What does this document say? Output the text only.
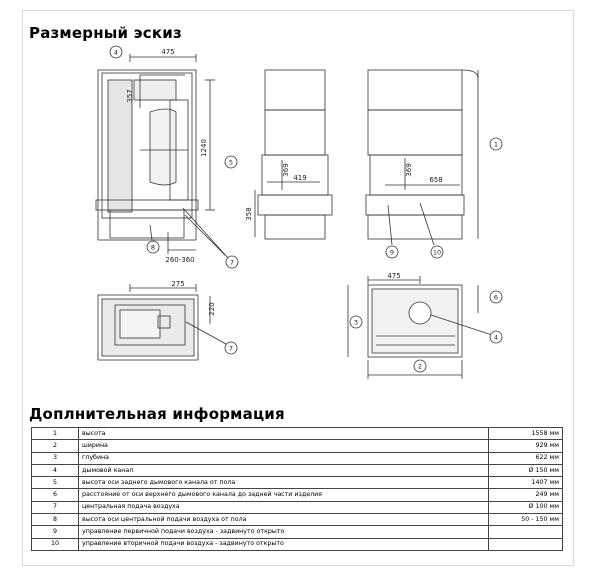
Размерный эскиз
475
357
1240
358
260-360
369
419
369
658
275
220
475
4
5
1
8
7
9	10
7
3
6
4
2
Доплнительная информация
1	высота	1558 мм
2	ширина	929 мм
3	глубина	622 мм
4	дымовой канал	Ø 150 мм
5	высота оси заднего дымового канала от пола	1407 мм
6	расстояние от оси верхнего дымового канала до задней части изделия	249 мм
7	центральная подача воздуха	Ø 100 мм
8	высота оси центральной подачи воздуха от пола	50 - 150 мм
9	управление первичной подачи воздуха - задвинуто открыто	
10	управление вторичной подачи воздуха - задвинуто открыто	
